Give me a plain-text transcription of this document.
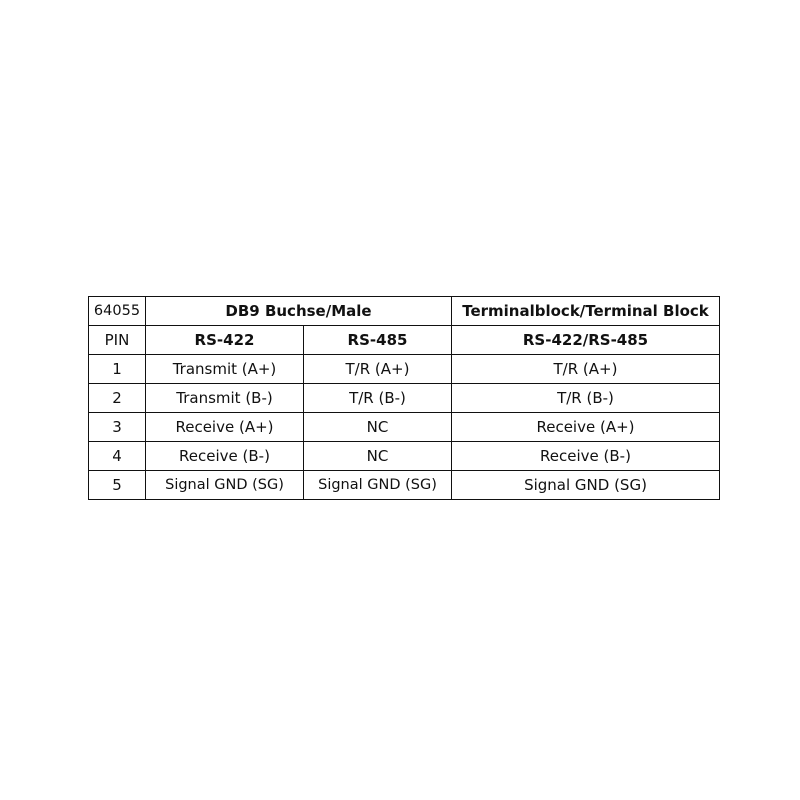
64055	DB9 Buchse/Male		Terminalblock/Terminal Block
PIN	RS-422	RS-485	RS-422/RS-485
1	Transmit (A+)	T/R (A+)	T/R (A+)
2	Transmit (B-)	T/R (B-)	T/R (B-)
3	Receive (A+)	NC	Receive (A+)
4	Receive (B-)	NC	Receive (B-)
5	Signal GND (SG)	Signal GND (SG)	Signal GND (SG)
